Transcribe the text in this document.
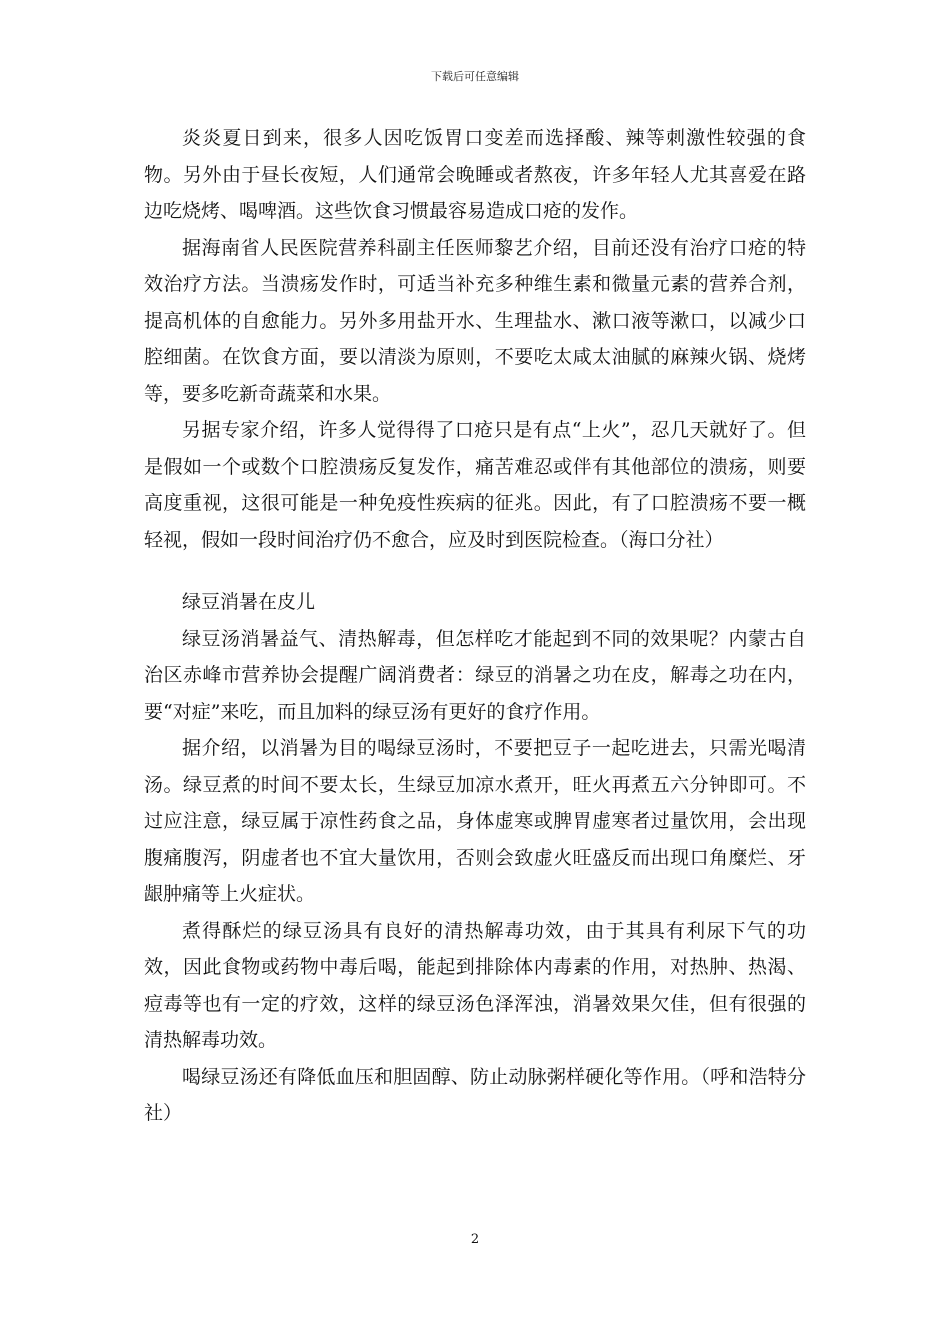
下载后可任意编辑

炎炎夏日到来，很多人因吃饭胃口变差而选择酸、辣等刺激性较强的食物。另外由于昼长夜短，人们通常会晚睡或者熬夜，许多年轻人尤其喜爱在路边吃烧烤、喝啤酒。这些饮食习惯最容易造成口疮的发作。

据海南省人民医院营养科副主任医师黎艺介绍，目前还没有治疗口疮的特效治疗方法。当溃疡发作时，可适当补充多种维生素和微量元素的营养合剂，提高机体的自愈能力。另外多用盐开水、生理盐水、漱口液等漱口，以减少口腔细菌。在饮食方面，要以清淡为原则，不要吃太咸太油腻的麻辣火锅、烧烤等，要多吃新奇蔬菜和水果。

另据专家介绍，许多人觉得得了口疮只是有点“上火”，忍几天就好了。但是假如一个或数个口腔溃疡反复发作，痛苦难忍或伴有其他部位的溃疡，则要高度重视，这很可能是一种免疫性疾病的征兆。因此，有了口腔溃疡不要一概轻视，假如一段时间治疗仍不愈合，应及时到医院检查。（海口分社）

绿豆消暑在皮儿

绿豆汤消暑益气、清热解毒，但怎样吃才能起到不同的效果呢？内蒙古自治区赤峰市营养协会提醒广阔消费者：绿豆的消暑之功在皮，解毒之功在内，要“对症”来吃，而且加料的绿豆汤有更好的食疗作用。

据介绍，以消暑为目的喝绿豆汤时，不要把豆子一起吃进去，只需光喝清汤。绿豆煮的时间不要太长，生绿豆加凉水煮开，旺火再煮五六分钟即可。不过应注意，绿豆属于凉性药食之品，身体虚寒或脾胃虚寒者过量饮用，会出现腹痛腹泻，阴虚者也不宜大量饮用，否则会致虚火旺盛反而出现口角糜烂、牙龈肿痛等上火症状。

煮得酥烂的绿豆汤具有良好的清热解毒功效，由于其具有利尿下气的功效，因此食物或药物中毒后喝，能起到排除体内毒素的作用，对热肿、热渴、痘毒等也有一定的疗效，这样的绿豆汤色泽浑浊，消暑效果欠佳，但有很强的清热解毒功效。

喝绿豆汤还有降低血压和胆固醇、防止动脉粥样硬化等作用。（呼和浩特分社）

2
